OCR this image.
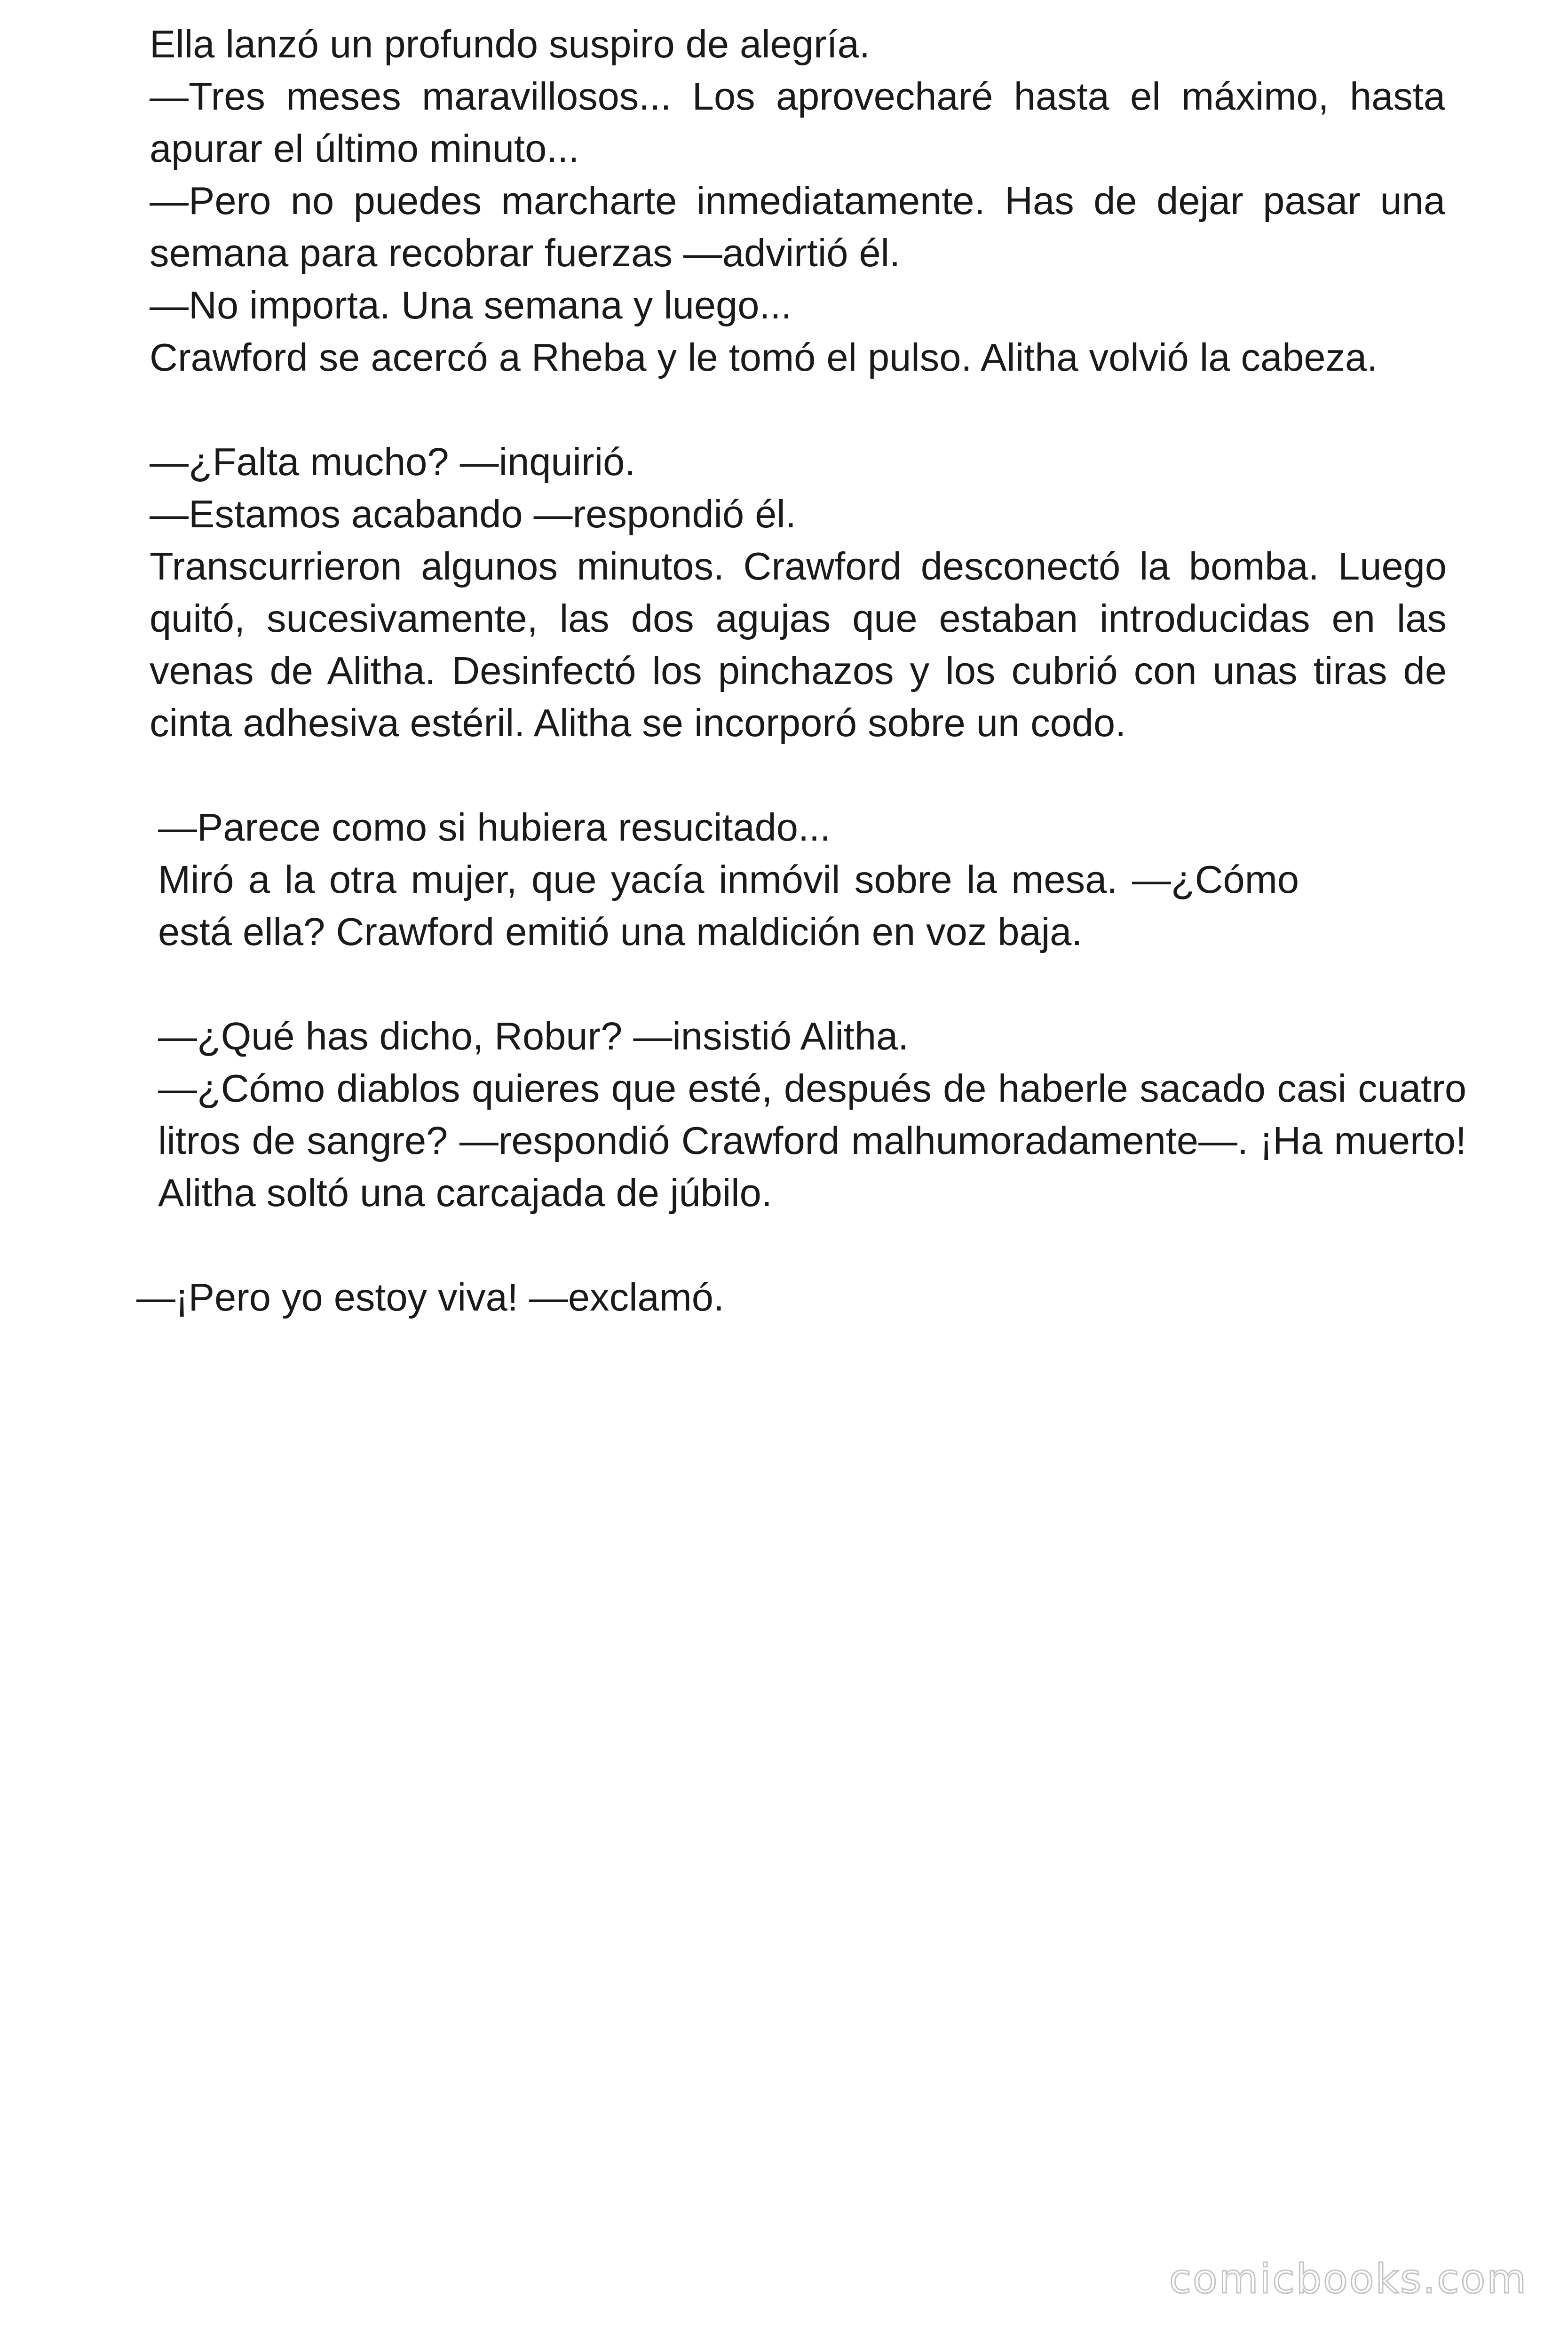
Ella lanzó un profundo suspiro de alegría.

—Tres meses maravillosos... Los aprovecharé hasta el máximo, hasta apurar el último minuto...

—Pero no puedes marcharte inmediatamente. Has de dejar pasar una semana para recobrar fuerzas —advirtió él.

—No importa. Una semana y luego...

Crawford se acercó a Rheba y le tomó el pulso. Alitha volvió la cabeza.

—¿Falta mucho? —inquirió.

—Estamos acabando —respondió él.

Transcurrieron algunos minutos. Crawford desconectó la bomba. Luego quitó, sucesivamente, las dos agujas que estaban introducidas en las venas de Alitha. Desinfectó los pinchazos y los cubrió con unas tiras de cinta adhesiva estéril. Alitha se incorporó sobre un codo.

—Parece como si hubiera resucitado...

Miró a la otra mujer, que yacía inmóvil sobre la mesa. —¿Cómo está ella? Crawford emitió una maldición en voz baja.

—¿Qué has dicho, Robur? —insistió Alitha.

—¿Cómo diablos quieres que esté, después de haberle sacado casi cuatro litros de sangre? —respondió Crawford malhumoradamente—. ¡Ha muerto! Alitha soltó una carcajada de júbilo.

—¡Pero yo estoy viva! —exclamó.

comicbooks.com
